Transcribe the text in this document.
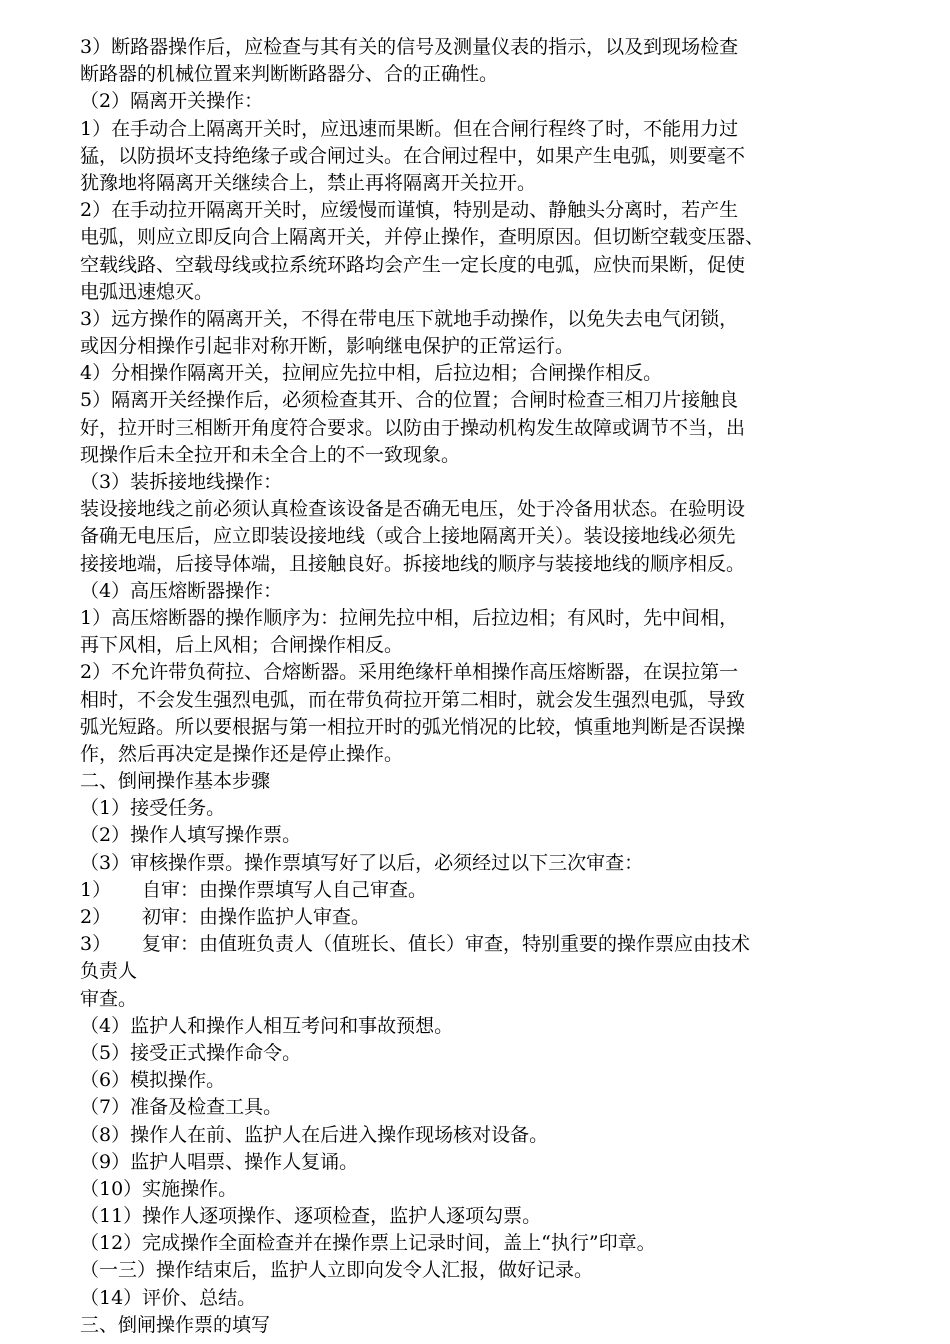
3）断路器操作后，应检查与其有关的信号及测量仪表的指示，以及到现场检查
断路器的机械位置来判断断路器分、合的正确性。
（2）隔离开关操作：
1）在手动合上隔离开关时，应迅速而果断。但在合闸行程终了时，不能用力过
猛，以防损坏支持绝缘子或合闸过头。在合闸过程中，如果产生电弧，则要毫不
犹豫地将隔离开关继续合上，禁止再将隔离开关拉开。
2）在手动拉开隔离开关时，应缓慢而谨慎，特别是动、静触头分离时，若产生
电弧，则应立即反向合上隔离开关，并停止操作，查明原因。但切断空载变压器、
空载线路、空载母线或拉系统环路均会产生一定长度的电弧，应快而果断，促使
电弧迅速熄灭。
3）远方操作的隔离开关，不得在带电压下就地手动操作，以免失去电气闭锁，
或因分相操作引起非对称开断，影响继电保护的正常运行。
4）分相操作隔离开关，拉闸应先拉中相，后拉边相；合闸操作相反。
5）隔离开关经操作后，必须检查其开、合的位置；合闸时检查三相刀片接触良
好，拉开时三相断开角度符合要求。以防由于操动机构发生故障或调节不当，出
现操作后未全拉开和未全合上的不一致现象。
（3）装拆接地线操作：
装设接地线之前必须认真检查该设备是否确无电压，处于冷备用状态。在验明设
备确无电压后，应立即装设接地线（或合上接地隔离开关）。装设接地线必须先
接接地端，后接导体端，且接触良好。拆接地线的顺序与装接地线的顺序相反。
（4）高压熔断器操作：
1）高压熔断器的操作顺序为：拉闸先拉中相，后拉边相；有风时，先中间相，
再下风相，后上风相；合闸操作相反。
2）不允许带负荷拉、合熔断器。采用绝缘杆单相操作高压熔断器，在误拉第一
相时，不会发生强烈电弧，而在带负荷拉开第二相时，就会发生强烈电弧，导致
弧光短路。所以要根据与第一相拉开时的弧光悄况的比较，慎重地判断是否误操
作，然后再决定是操作还是停止操作。
二、倒闸操作基本步骤
（1）接受任务。
（2）操作人填写操作票。
（3）审核操作票。操作票填写好了以后，必须经过以下三次审查：
1） 自审：由操作票填写人自己审查。
2） 初审：由操作监护人审查。
3） 复审：由值班负责人（值班长、值长）审查，特别重要的操作票应由技术
负责人
审查。
（4）监护人和操作人相互考问和事故预想。
（5）接受正式操作命令。
（6）模拟操作。
（7）准备及检查工具。
（8）操作人在前、监护人在后进入操作现场核对设备。
（9）监护人唱票、操作人复诵。
（10）实施操作。
（11）操作人逐项操作、逐项检查，监护人逐项勾票。
（12）完成操作全面检查并在操作票上记录时间，盖上“执行”印章。
（一三）操作结束后，监护人立即向发令人汇报，做好记录。
（14）评价、总结。
三、倒闸操作票的填写
